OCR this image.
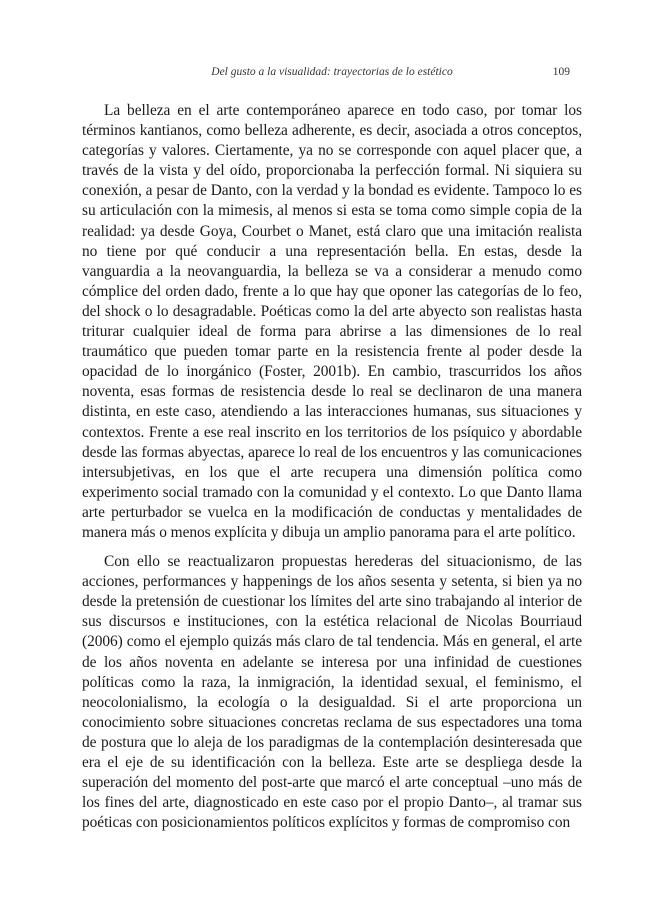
Del gusto a la visualidad: trayectorias de lo estético	109

La belleza en el arte contemporáneo aparece en todo caso, por tomar los términos kantianos, como belleza adherente, es decir, asociada a otros conceptos, categorías y valores. Ciertamente, ya no se corresponde con aquel placer que, a través de la vista y del oído, proporcionaba la perfección formal. Ni siquiera su conexión, a pesar de Danto, con la verdad y la bondad es evidente. Tampoco lo es su articulación con la mimesis, al menos si esta se toma como simple copia de la realidad: ya desde Goya, Courbet o Manet, está claro que una imitación realista no tiene por qué conducir a una representación bella. En estas, desde la vanguardia a la neovanguardia, la belleza se va a considerar a menudo como cómplice del orden dado, frente a lo que hay que oponer las categorías de lo feo, del shock o lo desagradable. Poéticas como la del arte abyecto son realistas hasta triturar cualquier ideal de forma para abrirse a las dimensiones de lo real traumático que pueden tomar parte en la resistencia frente al poder desde la opacidad de lo inorgánico (Foster, 2001b). En cambio, trascurridos los años noventa, esas formas de resistencia desde lo real se declinaron de una manera distinta, en este caso, atendiendo a las interacciones humanas, sus situaciones y contextos. Frente a ese real inscrito en los territorios de los psíquico y abordable desde las formas abyectas, aparece lo real de los encuentros y las comunicaciones intersubjetivas, en los que el arte recupera una dimensión política como experimento social tramado con la comunidad y el contexto. Lo que Danto llama arte perturbador se vuelca en la modificación de conductas y mentalidades de manera más o menos explícita y dibuja un amplio panorama para el arte político.

Con ello se reactualizaron propuestas herederas del situacionismo, de las acciones, performances y happenings de los años sesenta y setenta, si bien ya no desde la pretensión de cuestionar los límites del arte sino trabajando al interior de sus discursos e instituciones, con la estética relacional de Nicolas Bourriaud (2006) como el ejemplo quizás más claro de tal tendencia. Más en general, el arte de los años noventa en adelante se interesa por una infinidad de cuestiones políticas como la raza, la inmigración, la identidad sexual, el feminismo, el neocolonialismo, la ecología o la desigualdad. Si el arte proporciona un conocimiento sobre situaciones concretas reclama de sus espectadores una toma de postura que lo aleja de los paradigmas de la contemplación desinteresada que era el eje de su identificación con la belleza. Este arte se despliega desde la superación del momento del post-arte que marcó el arte conceptual –uno más de los fines del arte, diagnosticado en este caso por el propio Danto–, al tramar sus poéticas con posicionamientos políticos explícitos y formas de compromiso con
